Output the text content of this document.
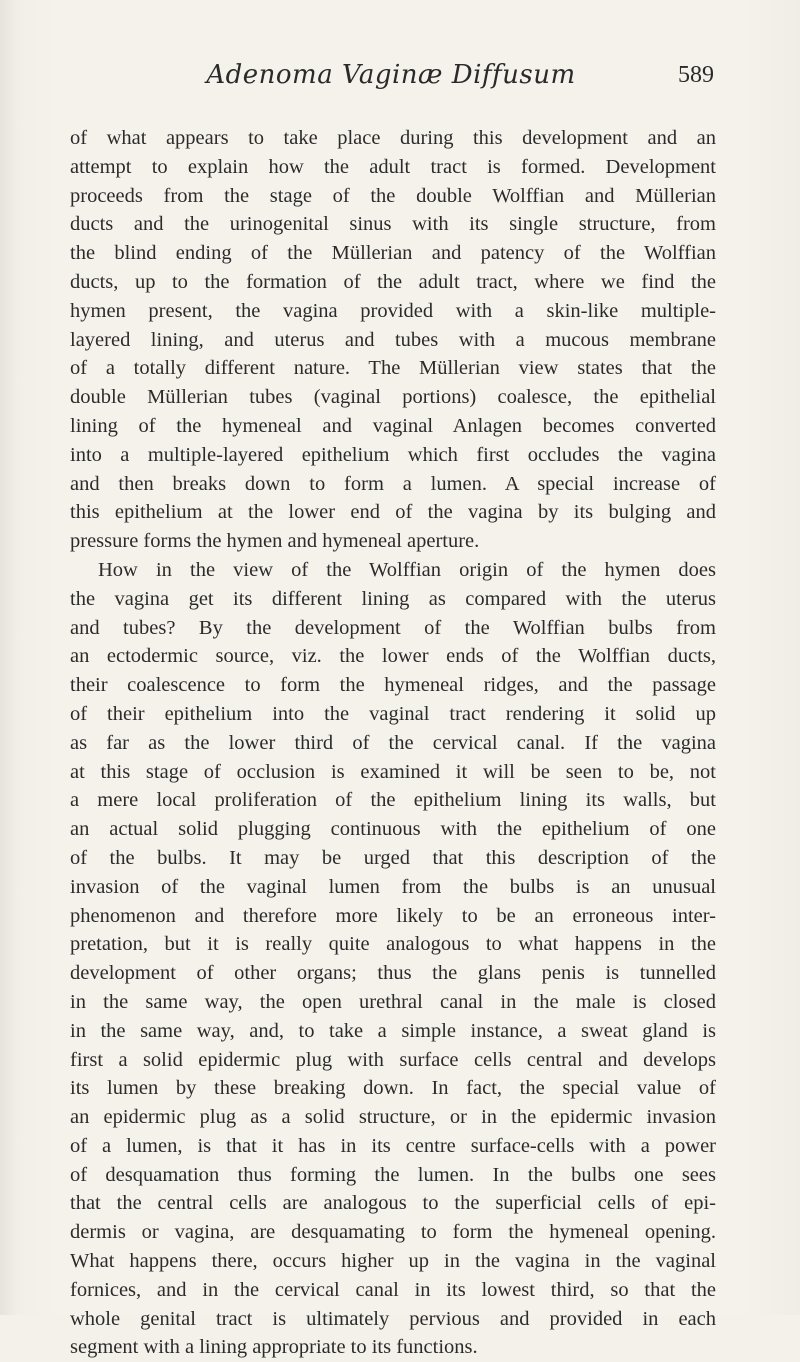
Adenoma Vaginæ Diffusum	589
of what appears to take place during this development and an
attempt to explain how the adult tract is formed. Development
proceeds from the stage of the double Wolffian and Müllerian
ducts and the urinogenital sinus with its single structure, from
the blind ending of the Müllerian and patency of the Wolffian
ducts, up to the formation of the adult tract, where we find the
hymen present, the vagina provided with a skin-like multiple-
layered lining, and uterus and tubes with a mucous membrane
of a totally different nature. The Müllerian view states that the
double Müllerian tubes (vaginal portions) coalesce, the epithelial
lining of the hymeneal and vaginal Anlagen becomes converted
into a multiple-layered epithelium which first occludes the vagina
and then breaks down to form a lumen. A special increase of
this epithelium at the lower end of the vagina by its bulging and
pressure forms the hymen and hymeneal aperture.
How in the view of the Wolffian origin of the hymen does
the vagina get its different lining as compared with the uterus
and tubes? By the development of the Wolffian bulbs from
an ectodermic source, viz. the lower ends of the Wolffian ducts,
their coalescence to form the hymeneal ridges, and the passage
of their epithelium into the vaginal tract rendering it solid up
as far as the lower third of the cervical canal. If the vagina
at this stage of occlusion is examined it will be seen to be, not
a mere local proliferation of the epithelium lining its walls, but
an actual solid plugging continuous with the epithelium of one
of the bulbs. It may be urged that this description of the
invasion of the vaginal lumen from the bulbs is an unusual
phenomenon and therefore more likely to be an erroneous inter-
pretation, but it is really quite analogous to what happens in the
development of other organs; thus the glans penis is tunnelled
in the same way, the open urethral canal in the male is closed
in the same way, and, to take a simple instance, a sweat gland is
first a solid epidermic plug with surface cells central and develops
its lumen by these breaking down. In fact, the special value of
an epidermic plug as a solid structure, or in the epidermic invasion
of a lumen, is that it has in its centre surface-cells with a power
of desquamation thus forming the lumen. In the bulbs one sees
that the central cells are analogous to the superficial cells of epi-
dermis or vagina, are desquamating to form the hymeneal opening.
What happens there, occurs higher up in the vagina in the vaginal
fornices, and in the cervical canal in its lowest third, so that the
whole genital tract is ultimately pervious and provided in each
segment with a lining appropriate to its functions.
